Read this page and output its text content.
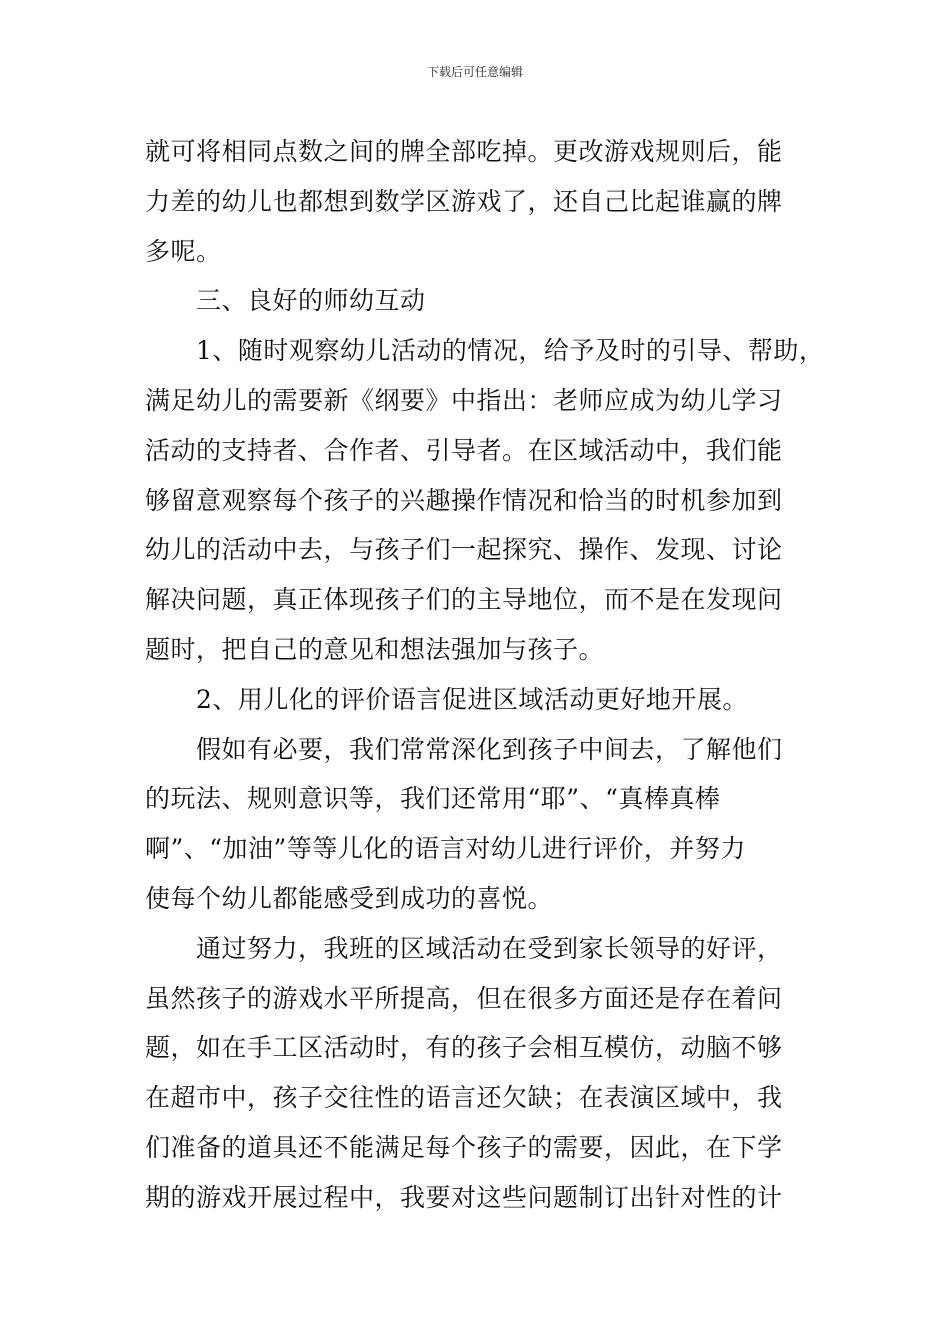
下载后可任意编辑

就可将相同点数之间的牌全部吃掉。更改游戏规则后，能
力差的幼儿也都想到数学区游戏了，还自己比起谁赢的牌
多呢。

三、良好的师幼互动

1、随时观察幼儿活动的情况，给予及时的引导、帮助，
满足幼儿的需要新《纲要》中指出：老师应成为幼儿学习
活动的支持者、合作者、引导者。在区域活动中，我们能
够留意观察每个孩子的兴趣操作情况和恰当的时机参加到
幼儿的活动中去，与孩子们一起探究、操作、发现、讨论
解决问题，真正体现孩子们的主导地位，而不是在发现问
题时，把自己的意见和想法强加与孩子。

2、用儿化的评价语言促进区域活动更好地开展。

假如有必要，我们常常深化到孩子中间去，了解他们
的玩法、规则意识等，我们还常用“耶”、“真棒真棒
啊”、“加油”等等儿化的语言对幼儿进行评价，并努力
使每个幼儿都能感受到成功的喜悦。

通过努力，我班的区域活动在受到家长领导的好评，
虽然孩子的游戏水平所提高，但在很多方面还是存在着问
题，如在手工区活动时，有的孩子会相互模仿，动脑不够
在超市中，孩子交往性的语言还欠缺；在表演区域中，我
们准备的道具还不能满足每个孩子的需要，因此，在下学
期的游戏开展过程中，我要对这些问题制订出针对性的计
